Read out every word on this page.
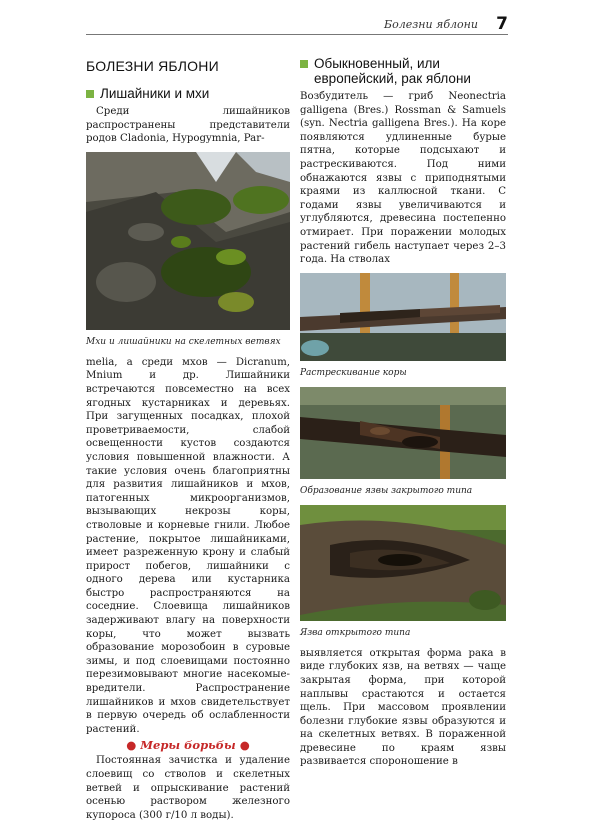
Болезни яблони 7
БОЛЕЗНИ ЯБЛОНИ
Лишайники и мхи

Среди лишайников распространены представители родов Cladonia, Hypogymnia, Par-

Мхи и лишайники на скелетных ветвях

melia, а среди мхов — Dicranum, Mnium и др. Лишайники встречаются повсеместно на всех ягодных кустарниках и деревьях. При загущенных посадках, плохой проветриваемости, слабой освещенности кустов создаются условия повышенной влажности. А такие условия очень благоприятны для развития лишайников и мхов, патогенных микроорганизмов, вызывающих некрозы коры, стволовые и корневые гнили. Любое растение, покрытое лишайниками, имеет разреженную крону и слабый прирост побегов, лишайники с одного дерева или кустарника быстро распространяются на соседние. Слоевища лишайников задерживают влагу на поверхности коры, что может вызвать образование морозобоин в суровые зимы, и под слоевищами постоянно перезимовывают многие насекомые-вредители. Распространение лишайников и мхов свидетельствует в первую очередь об ослабленности растений.

● Меры борьбы ●

Постоянная зачистка и удаление слоевищ со стволов и скелетных ветвей и опрыскивание растений осенью раствором железного купороса (300 г/10 л воды).

Обыкновенный, или европейский, рак яблони

Возбудитель — гриб Neonectria galligena (Bres.) Rossman & Samuels (syn. Nectria galligena Bres.). На коре появляются удлиненные бурые пятна, которые подсыхают и растрескиваются. Под ними обнажаются язвы с приподнятыми краями из каллюсной ткани. С годами язвы увеличиваются и углубляются, древесина постепенно отмирает. При поражении молодых растений гибель наступает через 2–3 года. На стволах

Растрескивание коры
Образование язвы закрытого типа
Язва открытого типа

выявляется открытая форма рака в виде глубоких язв, на ветвях — чаще закрытая форма, при которой наплывы срастаются и остается щель. При массовом проявлении болезни глубокие язвы образуются и на скелетных ветвях. В пораженной древесине по краям язвы развивается спороношение в
